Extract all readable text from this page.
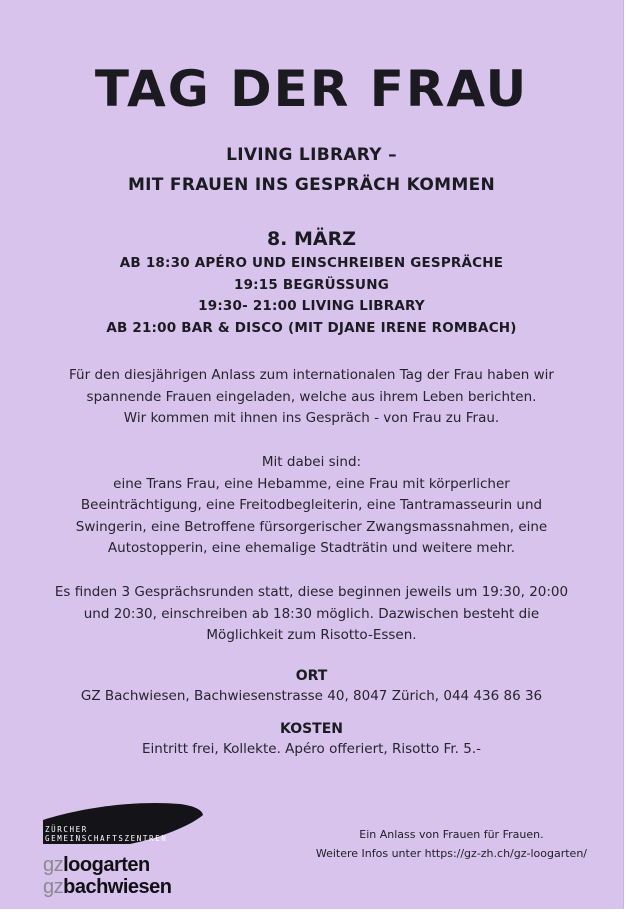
TAG DER FRAU
LIVING LIBRARY –
MIT FRAUEN INS GESPRÄCH KOMMEN
8. MÄRZ
AB 18:30 APÉRO UND EINSCHREIBEN GESPRÄCHE
19:15 BEGRÜSSUNG
19:30- 21:00 LIVING LIBRARY
AB 21:00 BAR & DISCO (MIT DJANE IRENE ROMBACH)
Für den diesjährigen Anlass zum internationalen Tag der Frau haben wir
spannende Frauen eingeladen, welche aus ihrem Leben berichten.
Wir kommen mit ihnen ins Gespräch - von Frau zu Frau.
Mit dabei sind:
eine Trans Frau, eine Hebamme, eine Frau mit körperlicher
Beeinträchtigung, eine Freitodbegleiterin, eine Tantramasseurin und
Swingerin, eine Betroffene fürsorgerischer Zwangsmassnahmen, eine
Autostopperin, eine ehemalige Stadträtin und weitere mehr.
Es finden 3 Gesprächsrunden statt, diese beginnen jeweils um 19:30, 20:00
und 20:30, einschreiben ab 18:30 möglich. Dazwischen besteht die
Möglichkeit zum Risotto-Essen.
ORT
GZ Bachwiesen, Bachwiesenstrasse 40, 8047 Zürich, 044 436 86 36
KOSTEN
Eintritt frei, Kollekte. Apéro offeriert, Risotto Fr. 5.-
ZÜRCHER
GEMEINSCHAFTSZENTREN
gzloogarten
gzbachwiesen
Ein Anlass von Frauen für Frauen.
Weitere Infos unter https://gz-zh.ch/gz-loogarten/
